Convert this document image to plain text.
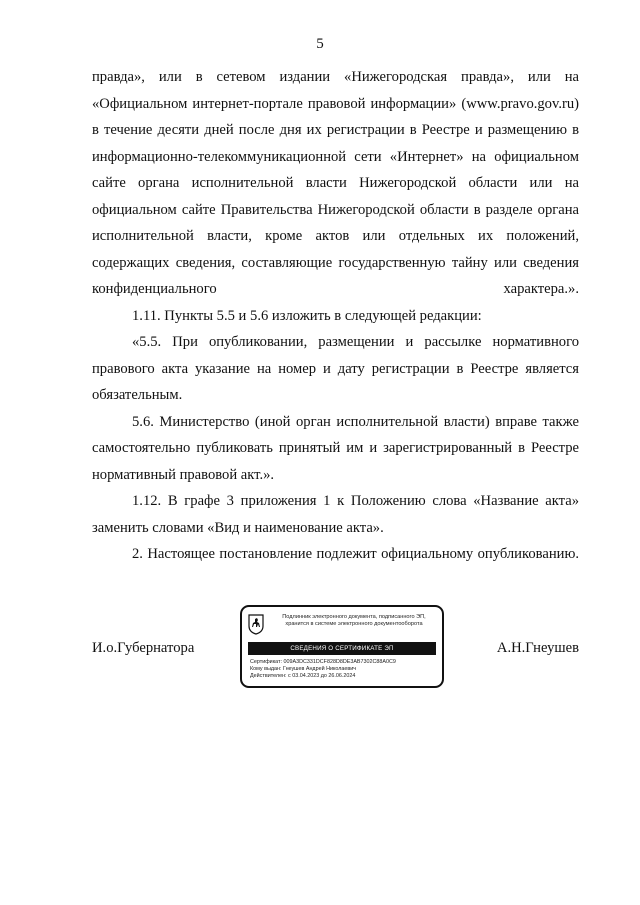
5

правда», или в сетевом издании «Нижегородская правда», или на «Официальном интернет-портале правовой информации» (www.pravo.gov.ru) в течение десяти дней после дня их регистрации в Реестре и размещению в информационно-телекоммуникационной сети «Интернет» на официальном сайте органа исполнительной власти Нижегородской области или на официальном сайте Правительства Нижегородской области в разделе органа исполнительной власти, кроме актов или отдельных их положений, содержащих сведения, составляющие государственную тайну или сведения конфиденциального характера.».

1.11. Пункты 5.5 и 5.6 изложить в следующей редакции:

«5.5. При опубликовании, размещении и рассылке нормативного правового акта указание на номер и дату регистрации в Реестре является обязательным.

5.6. Министерство (иной орган исполнительной власти) вправе также самостоятельно публиковать принятый им и зарегистрированный в Реестре нормативный правовой акт.».

1.12. В графе 3 приложения 1 к Положению слова «Название акта» заменить словами «Вид и наименование акта».

2. Настоящее постановление подлежит официальному опубликованию.

И.о.Губернатора
Подлинник электронного документа, подписанного ЭП,
хранится в системе электронного документооборота
СВЕДЕНИЯ О СЕРТИФИКАТЕ ЭП
Сертификат: 009A3DC331DCF828D8DE3AB7302C88A0C9
Кому выдан: Гнеушев Андрей Николаевич
Действителен: с 03.04.2023 до 26.06.2024
А.Н.Гнеушев
